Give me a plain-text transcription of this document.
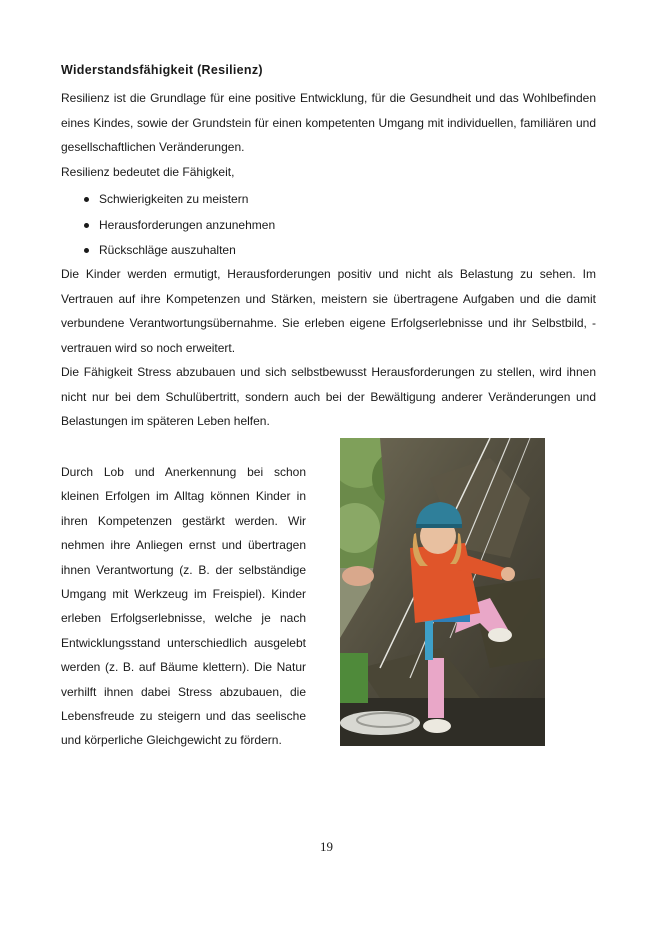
Widerstandsfähigkeit (Resilienz)

Resilienz ist die Grundlage für eine positive Entwicklung, für die Gesundheit und das Wohlbefinden eines Kindes, sowie der Grundstein für einen kompetenten Umgang mit individuellen, familiären und gesellschaftlichen Veränderungen.

Resilienz bedeutet die Fähigkeit,

Schwierigkeiten zu meistern
Herausforderungen anzunehmen
Rückschläge auszuhalten

Die Kinder werden ermutigt, Herausforderungen positiv und nicht als Belastung zu sehen. Im Vertrauen auf ihre Kompetenzen und Stärken, meistern sie übertragene Aufgaben und die damit verbundene Verantwortungsübernahme. Sie erleben eigene Erfolgserlebnisse und ihr Selbstbild, -vertrauen wird so noch erweitert.

Die Fähigkeit Stress abzubauen und sich selbstbewusst Herausforderungen zu stellen, wird ihnen nicht nur bei dem Schulübertritt, sondern auch bei der Bewältigung anderer Veränderungen und Belastungen im späteren Leben helfen.

Durch Lob und Anerkennung bei schon kleinen Erfolgen im Alltag können Kinder in ihren Kompetenzen gestärkt werden. Wir nehmen ihre Anliegen ernst und übertragen ihnen Verantwortung (z. B. der selbständige Umgang mit Werkzeug im Freispiel). Kinder erleben Erfolgserlebnisse, welche je nach Entwicklungsstand unterschiedlich ausgelebt werden (z. B. auf Bäume klettern). Die Natur verhilft ihnen dabei Stress abzubauen, die Lebensfreude zu steigern und das seelische und körperliche Gleichgewicht zu fördern.

19
